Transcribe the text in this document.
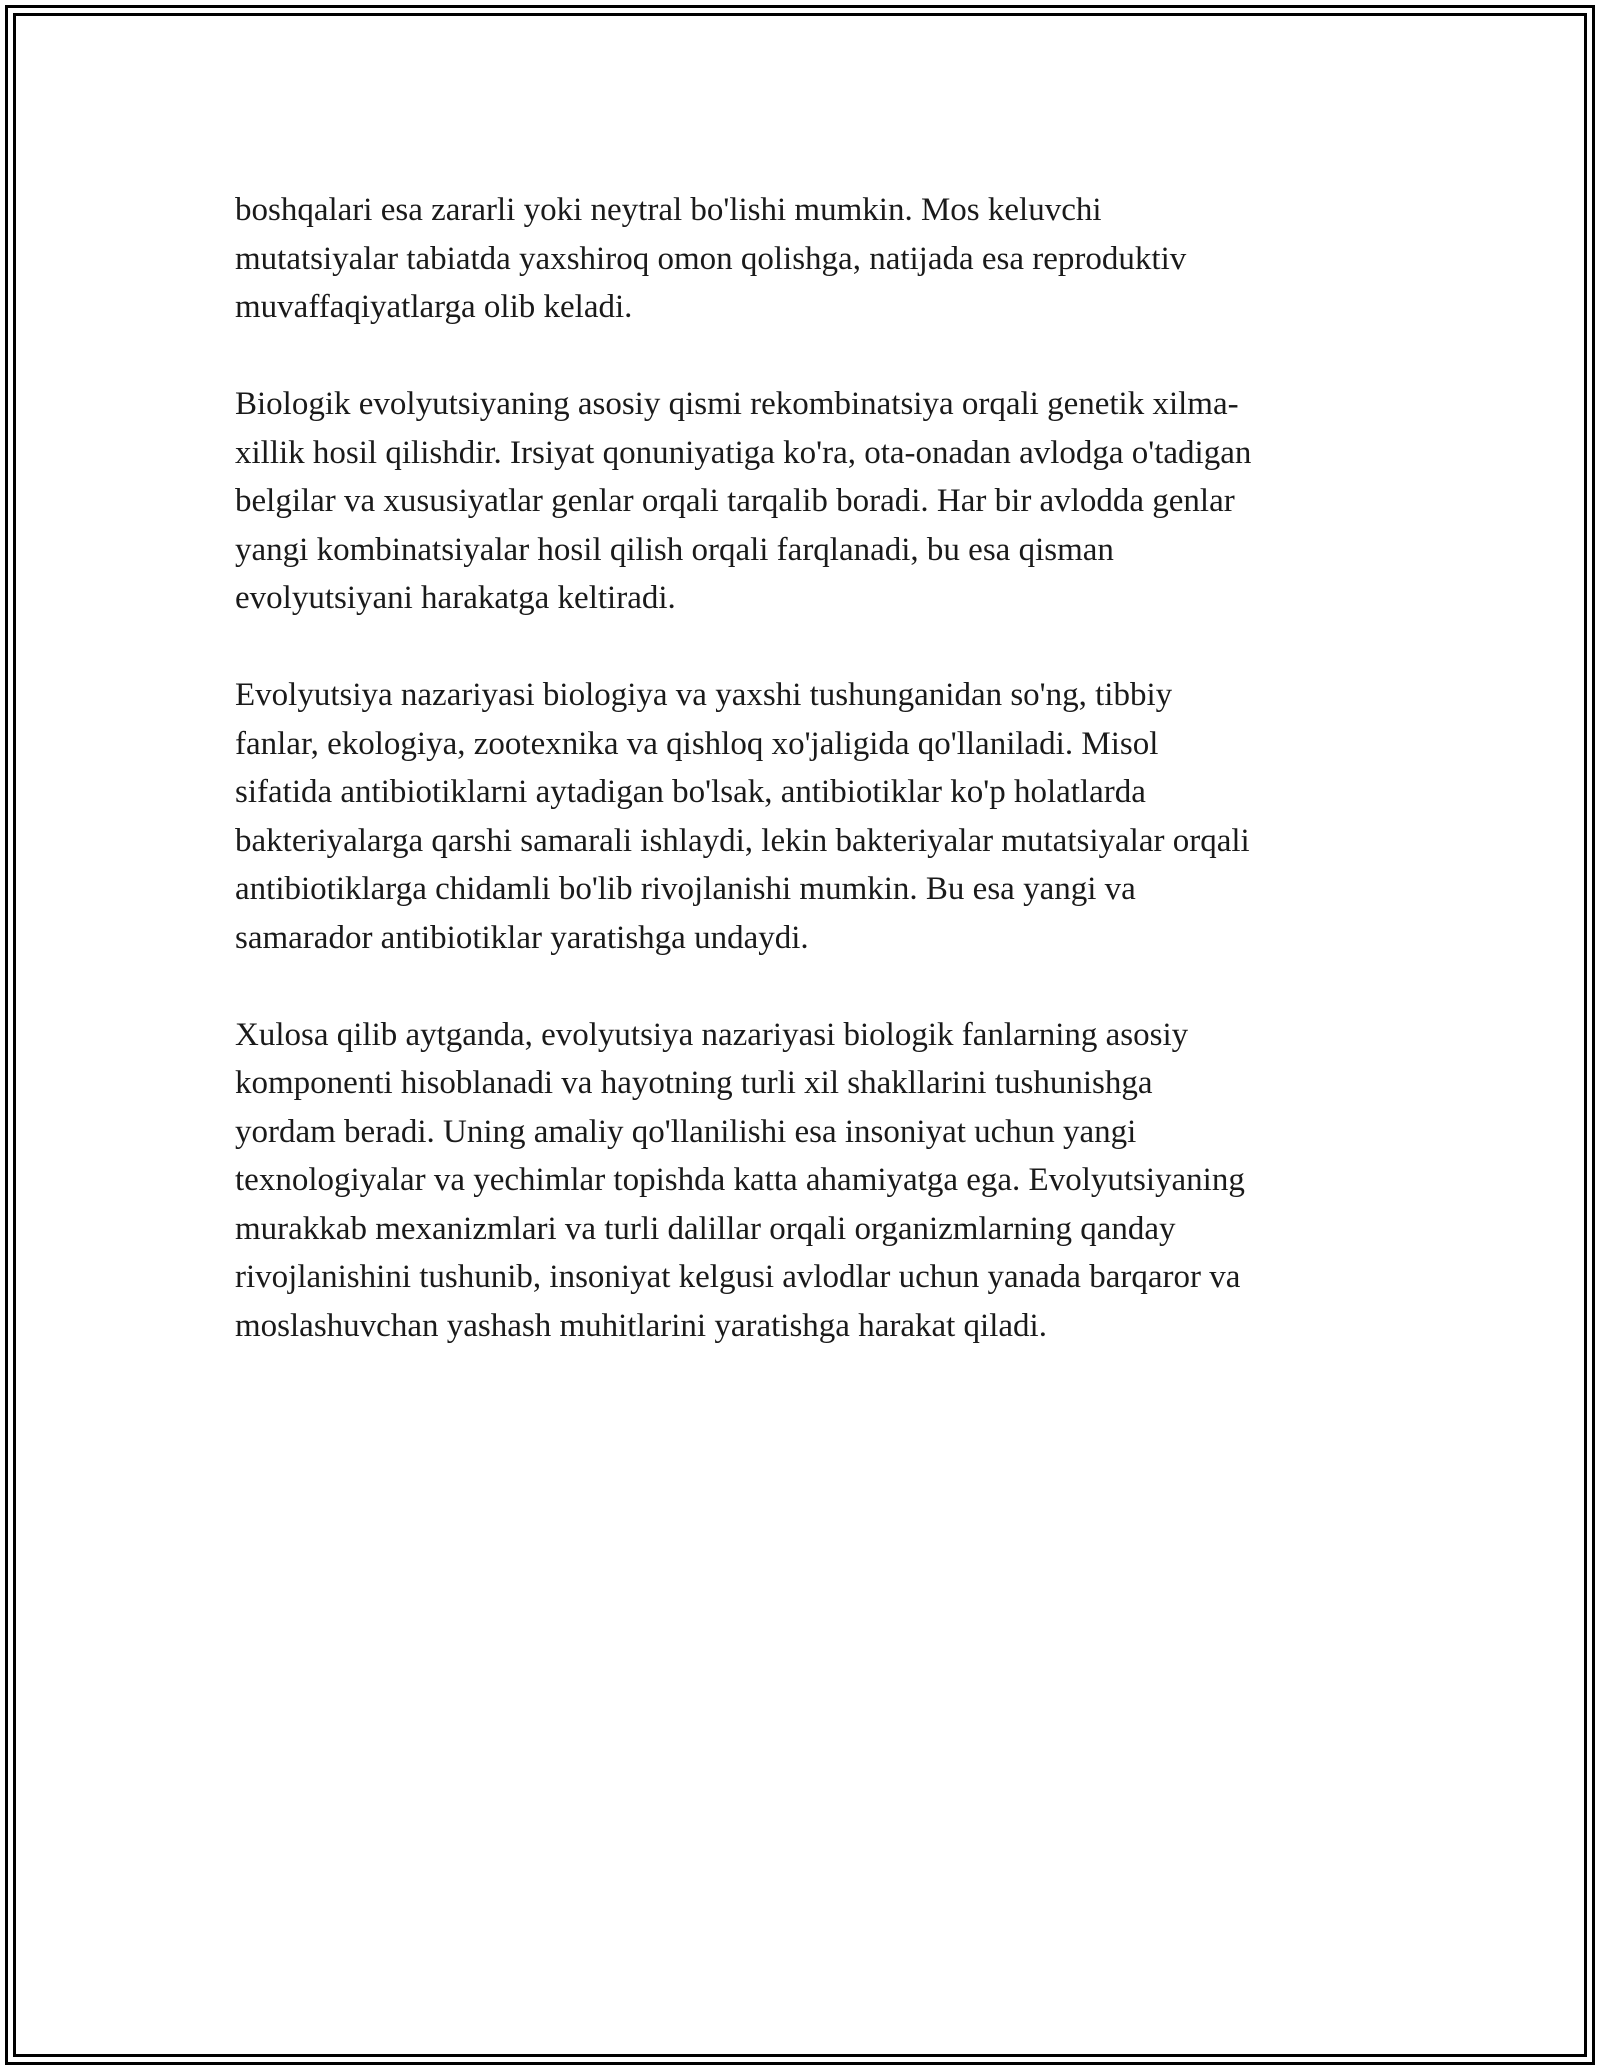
boshqalari esa zararli yoki neytral bo'lishi mumkin. Mos keluvchi
mutatsiyalar tabiatda yaxshiroq omon qolishga, natijada esa reproduktiv
muvaffaqiyatlarga olib keladi.

Biologik evolyutsiyaning asosiy qismi rekombinatsiya orqali genetik xilma-
xillik hosil qilishdir. Irsiyat qonuniyatiga ko'ra, ota-onadan avlodga o'tadigan
belgilar va xususiyatlar genlar orqali tarqalib boradi. Har bir avlodda genlar
yangi kombinatsiyalar hosil qilish orqali farqlanadi, bu esa qisman
evolyutsiyani harakatga keltiradi.

Evolyutsiya nazariyasi biologiya va yaxshi tushunganidan so'ng, tibbiy
fanlar, ekologiya, zootexnika va qishloq xo'jaligida qo'llaniladi. Misol
sifatida antibiotiklarni aytadigan bo'lsak, antibiotiklar ko'p holatlarda
bakteriyalarga qarshi samarali ishlaydi, lekin bakteriyalar mutatsiyalar orqali
antibiotiklarga chidamli bo'lib rivojlanishi mumkin. Bu esa yangi va
samarador antibiotiklar yaratishga undaydi.

Xulosa qilib aytganda, evolyutsiya nazariyasi biologik fanlarning asosiy
komponenti hisoblanadi va hayotning turli xil shakllarini tushunishga
yordam beradi. Uning amaliy qo'llanilishi esa insoniyat uchun yangi
texnologiyalar va yechimlar topishda katta ahamiyatga ega. Evolyutsiyaning
murakkab mexanizmlari va turli dalillar orqali organizmlarning qanday
rivojlanishini tushunib, insoniyat kelgusi avlodlar uchun yanada barqaror va
moslashuvchan yashash muhitlarini yaratishga harakat qiladi.
